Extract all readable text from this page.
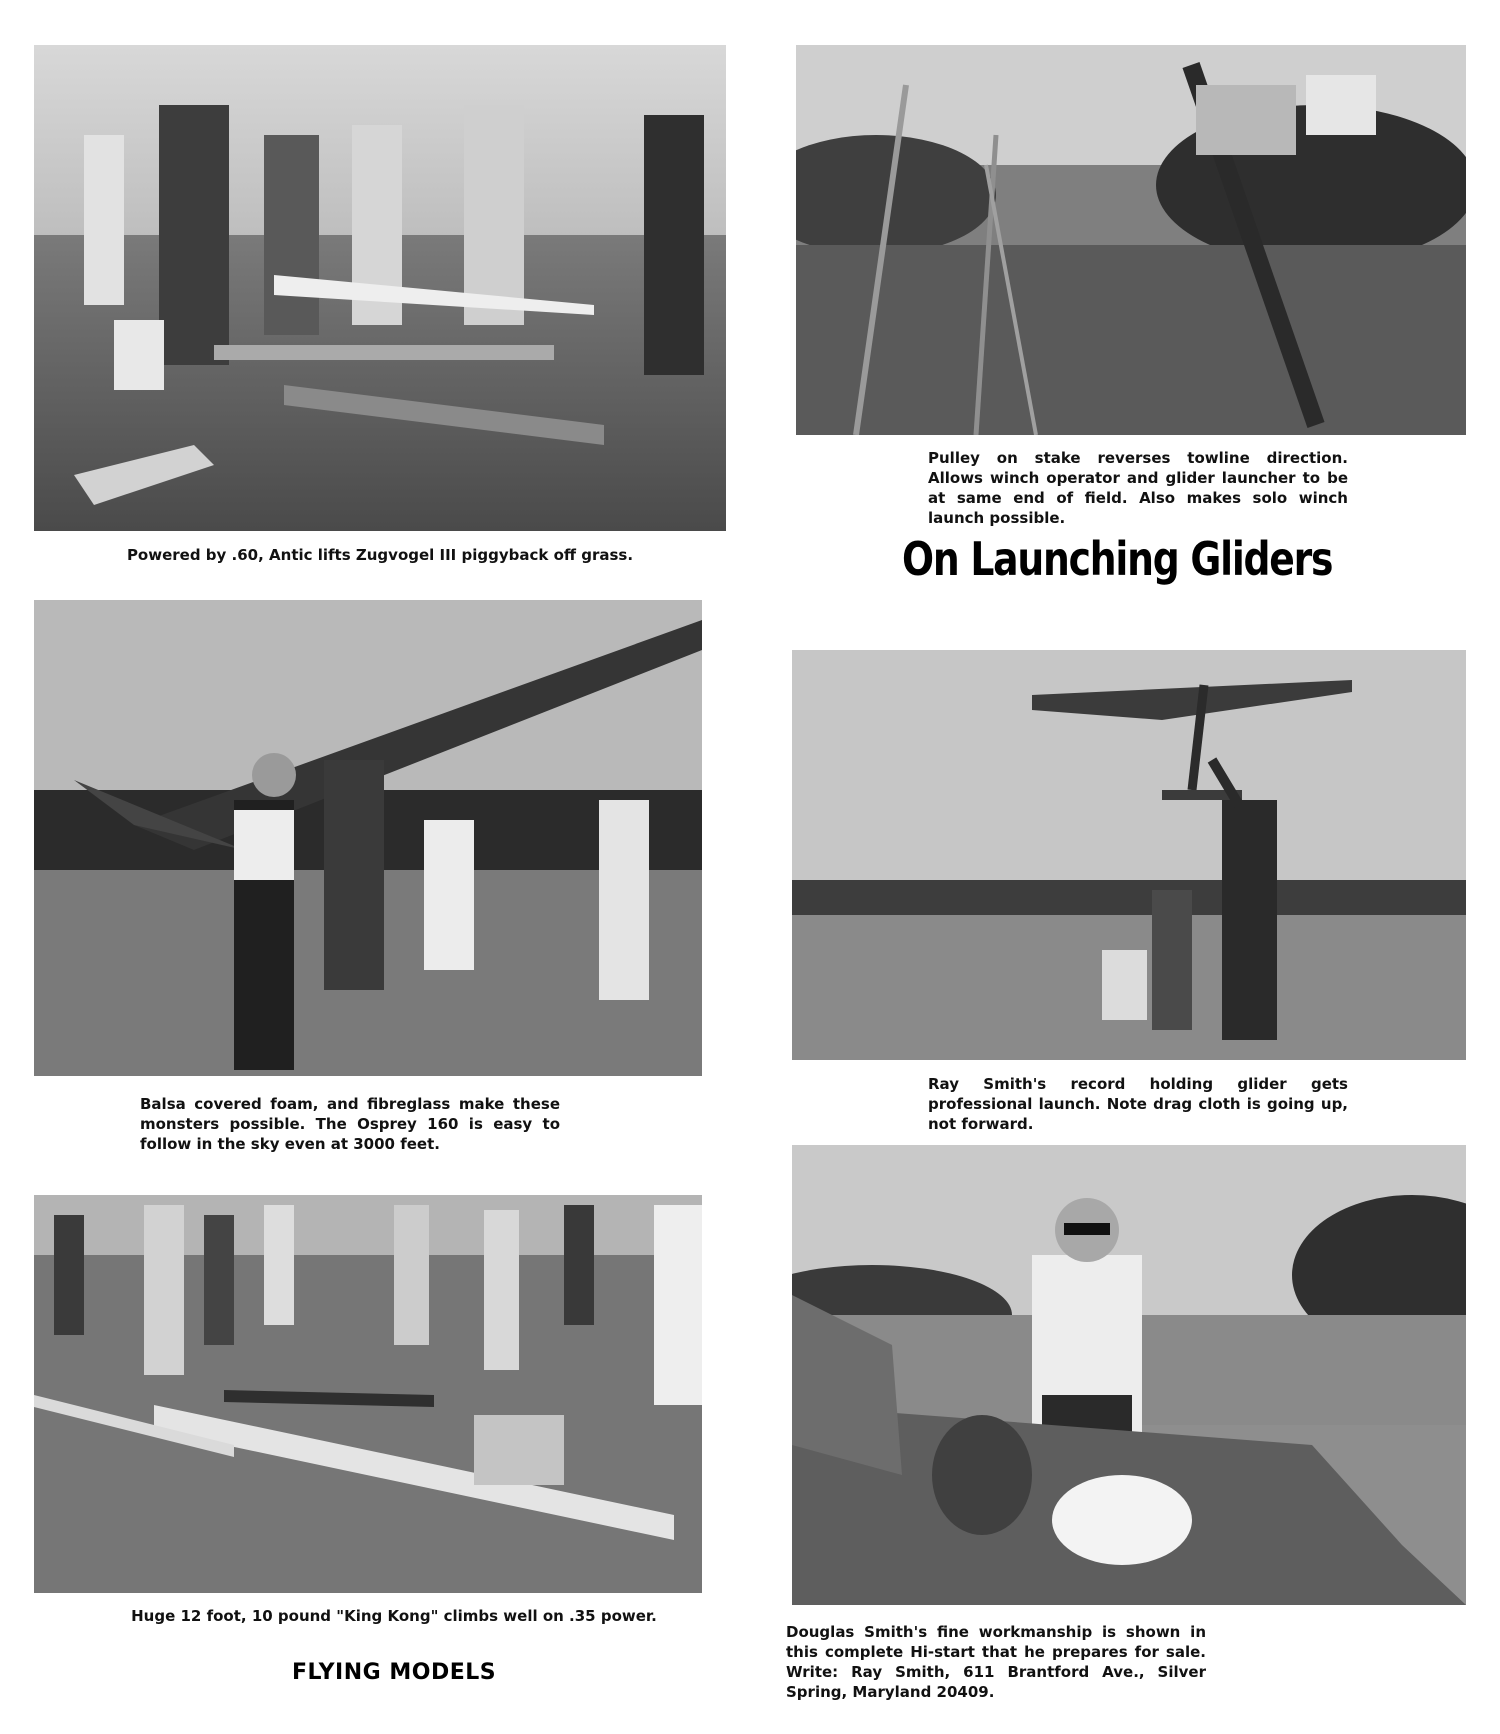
Powered by .60, Antic lifts Zugvogel III piggyback off grass.

Pulley on stake reverses towline direction. Allows winch operator and glider launcher to be at same end of field. Also makes solo winch launch possible.

On Launching Gliders

Balsa covered foam, and fibreglass make these monsters possible. The Osprey 160 is easy to follow in the sky even at 3000 feet.

Ray Smith's record holding glider gets professional launch. Note drag cloth is going up, not forward.

Huge 12 foot, 10 pound "King Kong" climbs well on .35 power.

FLYING MODELS

Douglas Smith's fine workmanship is shown in this complete Hi-start that he prepares for sale. Write: Ray Smith, 611 Brantford Ave., Silver Spring, Maryland 20409.
